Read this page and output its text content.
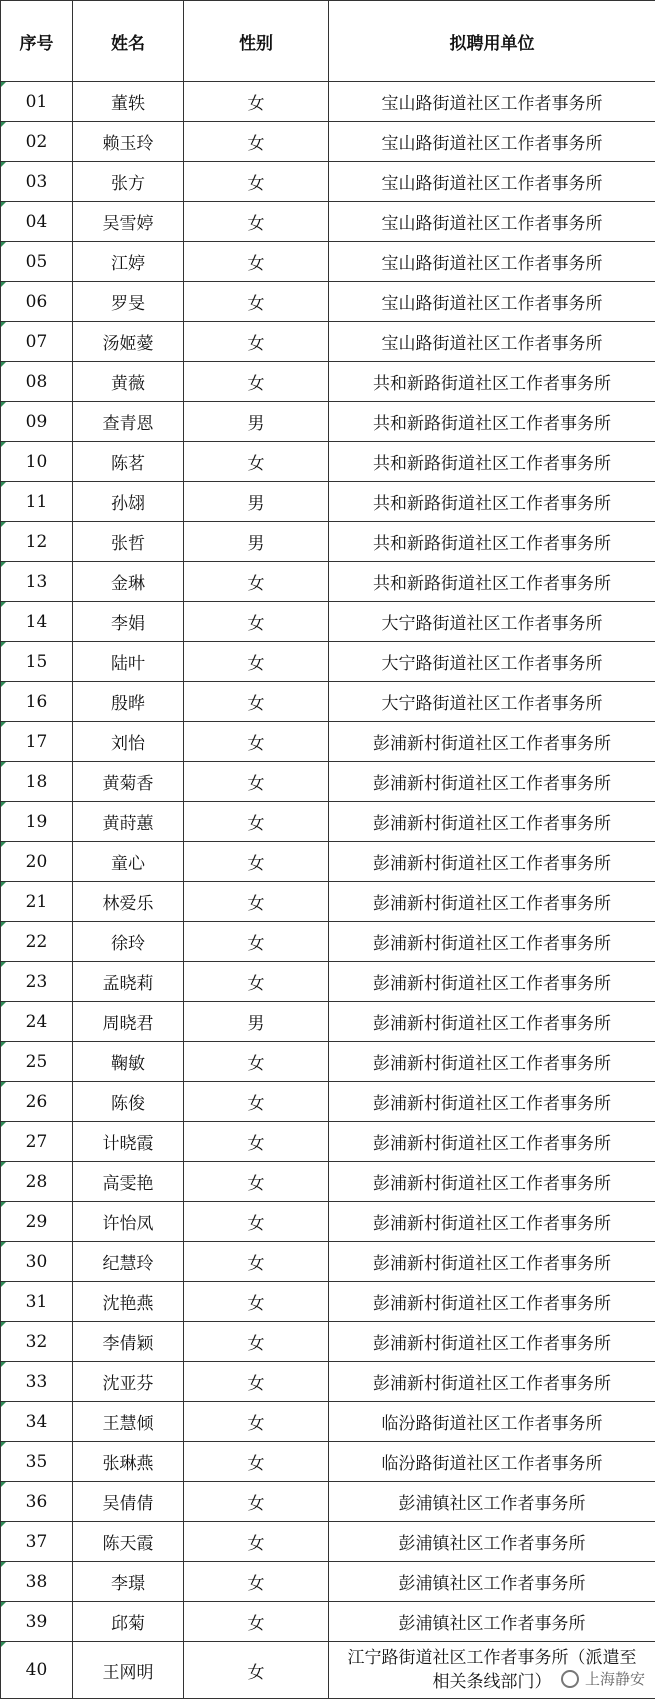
序号	姓名	性别	拟聘用单位
01	董轶	女	宝山路街道社区工作者事务所
02	赖玉玲	女	宝山路街道社区工作者事务所
03	张方	女	宝山路街道社区工作者事务所
04	吴雪婷	女	宝山路街道社区工作者事务所
05	江婷	女	宝山路街道社区工作者事务所
06	罗旻	女	宝山路街道社区工作者事务所
07	汤姬薆	女	宝山路街道社区工作者事务所
08	黄薇	女	共和新路街道社区工作者事务所
09	查青恩	男	共和新路街道社区工作者事务所
10	陈茗	女	共和新路街道社区工作者事务所
11	孙翃	男	共和新路街道社区工作者事务所
12	张哲	男	共和新路街道社区工作者事务所
13	金琳	女	共和新路街道社区工作者事务所
14	李娟	女	大宁路街道社区工作者事务所
15	陆叶	女	大宁路街道社区工作者事务所
16	殷晔	女	大宁路街道社区工作者事务所
17	刘怡	女	彭浦新村街道社区工作者事务所
18	黄菊香	女	彭浦新村街道社区工作者事务所
19	黄莳蕙	女	彭浦新村街道社区工作者事务所
20	童心	女	彭浦新村街道社区工作者事务所
21	林爱乐	女	彭浦新村街道社区工作者事务所
22	徐玲	女	彭浦新村街道社区工作者事务所
23	孟晓莉	女	彭浦新村街道社区工作者事务所
24	周晓君	男	彭浦新村街道社区工作者事务所
25	鞠敏	女	彭浦新村街道社区工作者事务所
26	陈俊	女	彭浦新村街道社区工作者事务所
27	计晓霞	女	彭浦新村街道社区工作者事务所
28	高雯艳	女	彭浦新村街道社区工作者事务所
29	许怡凤	女	彭浦新村街道社区工作者事务所
30	纪慧玲	女	彭浦新村街道社区工作者事务所
31	沈艳燕	女	彭浦新村街道社区工作者事务所
32	李倩颖	女	彭浦新村街道社区工作者事务所
33	沈亚芬	女	彭浦新村街道社区工作者事务所
34	王慧倾	女	临汾路街道社区工作者事务所
35	张琳燕	女	临汾路街道社区工作者事务所
36	吴倩倩	女	彭浦镇社区工作者事务所
37	陈天霞	女	彭浦镇社区工作者事务所
38	李璟	女	彭浦镇社区工作者事务所
39	邱菊	女	彭浦镇社区工作者事务所
40	王网明	女	江宁路街道社区工作者事务所（派遣至相关条线部门） 上海静安
